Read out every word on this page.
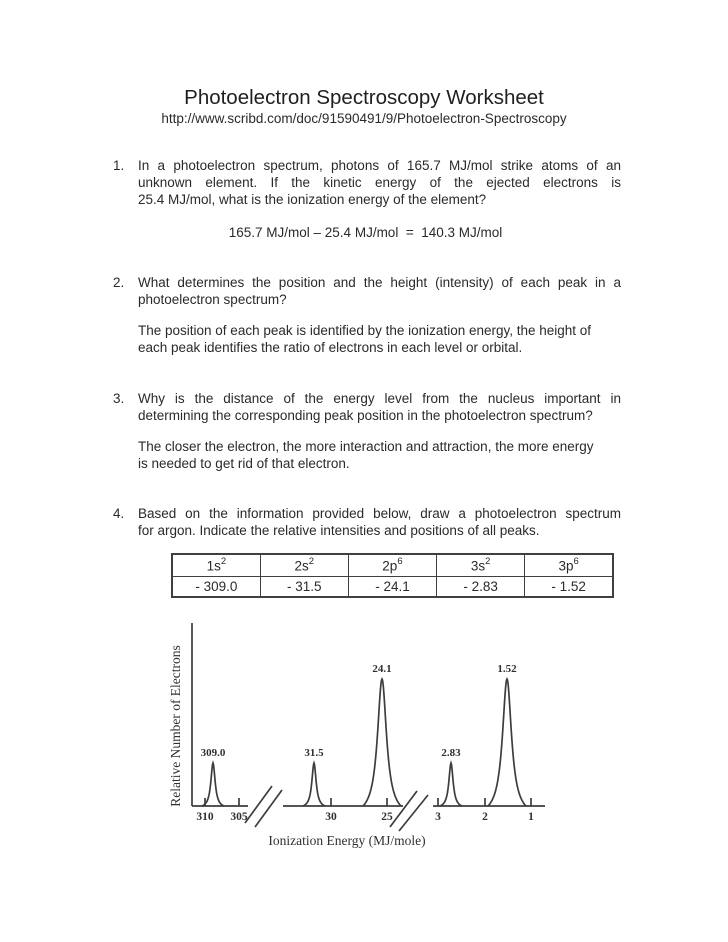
Photoelectron Spectroscopy Worksheet
http://www.scribd.com/doc/91590491/9/Photoelectron-Spectroscopy
1.	In a photoelectron spectrum, photons of 165.7 MJ/mol strike atoms of an
unknown element. If the kinetic energy of the ejected electrons is
25.4 MJ/mol, what is the ionization energy of the element?
165.7 MJ/mol – 25.4 MJ/mol  =  140.3 MJ/mol
2.	What determines the position and the height (intensity) of each peak in a
photoelectron spectrum?
The position of each peak is identified by the ionization energy, the height of
each peak identifies the ratio of electrons in each level or orbital.
3.	Why is the distance of the energy level from the nucleus important in
determining the corresponding peak position in the photoelectron spectrum?
The closer the electron, the more interaction and attraction, the more energy
is needed to get rid of that electron.
4.	Based on the information provided below, draw a photoelectron spectrum
for argon. Indicate the relative intensities and positions of all peaks.
$1s^2$	$2s^2$	$2p^6$	$3s^2$	$3p^6$
- 309.0	- 31.5	- 24.1	- 2.83	- 1.52
310 305	30	25	3	2	1
309.0	31.5
24.1
2.83
1.52
Ionization Energy (MJ/mole)
Relative Number of Electrons
